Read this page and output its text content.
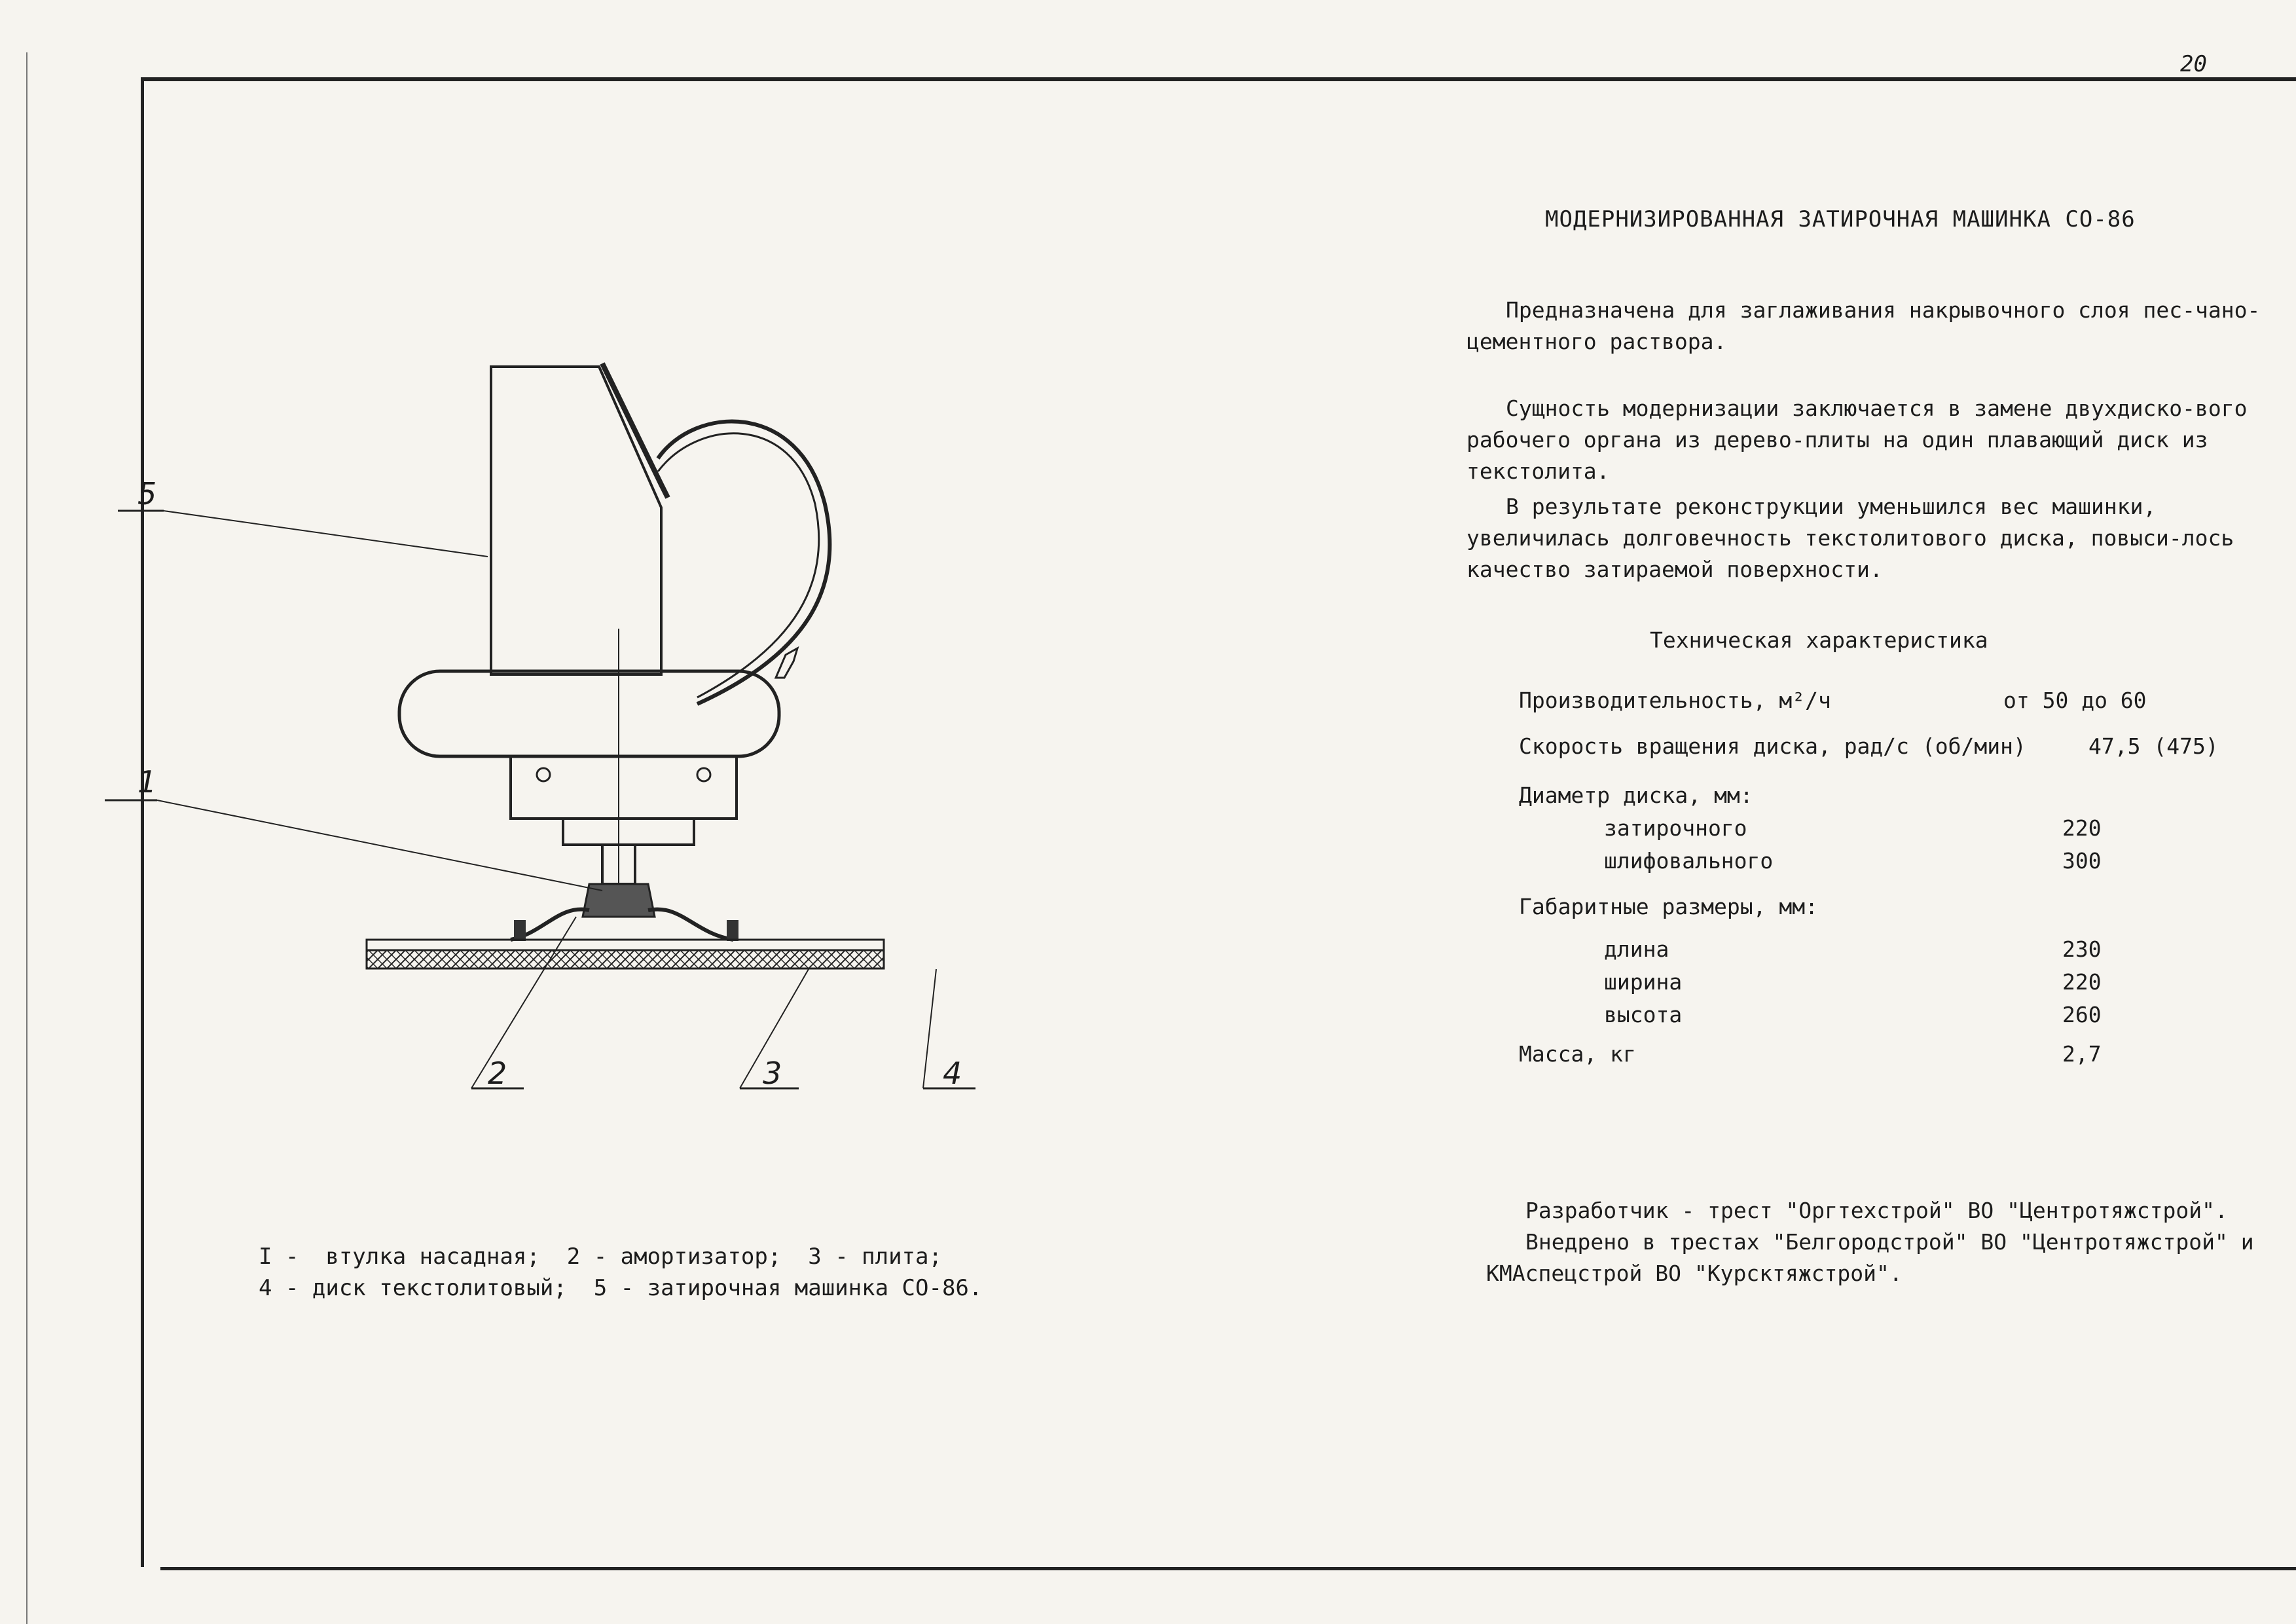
20
5
1
2	3	4
I -  втулка насадная;  2 - амортизатор;  3 - плита;
4 - диск текстолитовый;  5 - затирочная машинка СО-86.
МОДЕРНИЗИРОВАННАЯ ЗАТИРОЧНАЯ МАШИНКА СО-86
Предназначена для заглаживания накрывочного слоя пес-чано-цементного раствора.
Сущность модернизации заключается в замене двухдиско-вого рабочего органа из дерево-плиты на один плавающий диск из текстолита.
В результате реконструкции уменьшился вес машинки, увеличилась долговечность текстолитового диска, повыси-лось качество затираемой поверхности.
Техническая характеристика
Производительность, м²/ч	от 50 до 60
Скорость вращения диска, рад/с (об/мин)	47,5 (475)
Диаметр диска, мм:
затирочного	220
шлифовального	300
Габаритные размеры, мм:
длина	230
ширина	220
высота	260
Масса, кг	2,7
Разработчик - трест "Оргтехстрой" ВО "Центротяжстрой".
Внедрено в трестах "Белгородстрой" ВО "Центротяжстрой" и КМАспецстрой ВО "Курсктяжстрой".
